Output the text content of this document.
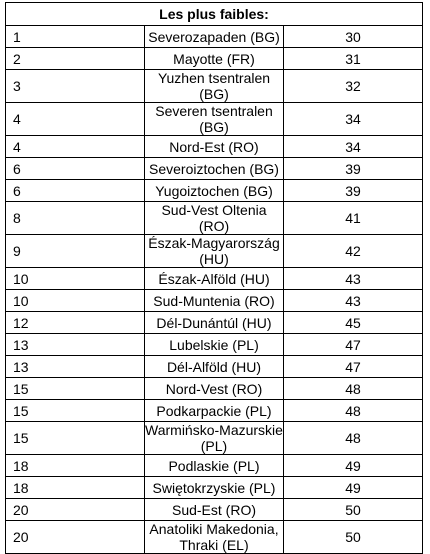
Les plus faibles:		
1	Severozapaden (BG)	30
2	Mayotte (FR)	31
3	Yuzhen tsentralen (BG)	32
4	Severen tsentralen (BG)	34
4	Nord-Est (RO)	34
6	Severoiztochen (BG)	39
6	Yugoiztochen (BG)	39
8	Sud-Vest Oltenia (RO)	41
9	Észak-Magyarország (HU)	42
10	Észak-Alföld (HU)	43
10	Sud-Muntenia (RO)	43
12	Dél-Dunántúl (HU)	45
13	Lubelskie (PL)	47
13	Dél-Alföld (HU)	47
15	Nord-Vest (RO)	48
15	Podkarpackie (PL)	48
15	Warmińsko-Mazurskie (PL)	48
18	Podlaskie (PL)	49
18	Swiętokrzyskie (PL)	49
20	Sud-Est (RO)	50
20	Anatoliki Makedonia, Thraki (EL)	50
